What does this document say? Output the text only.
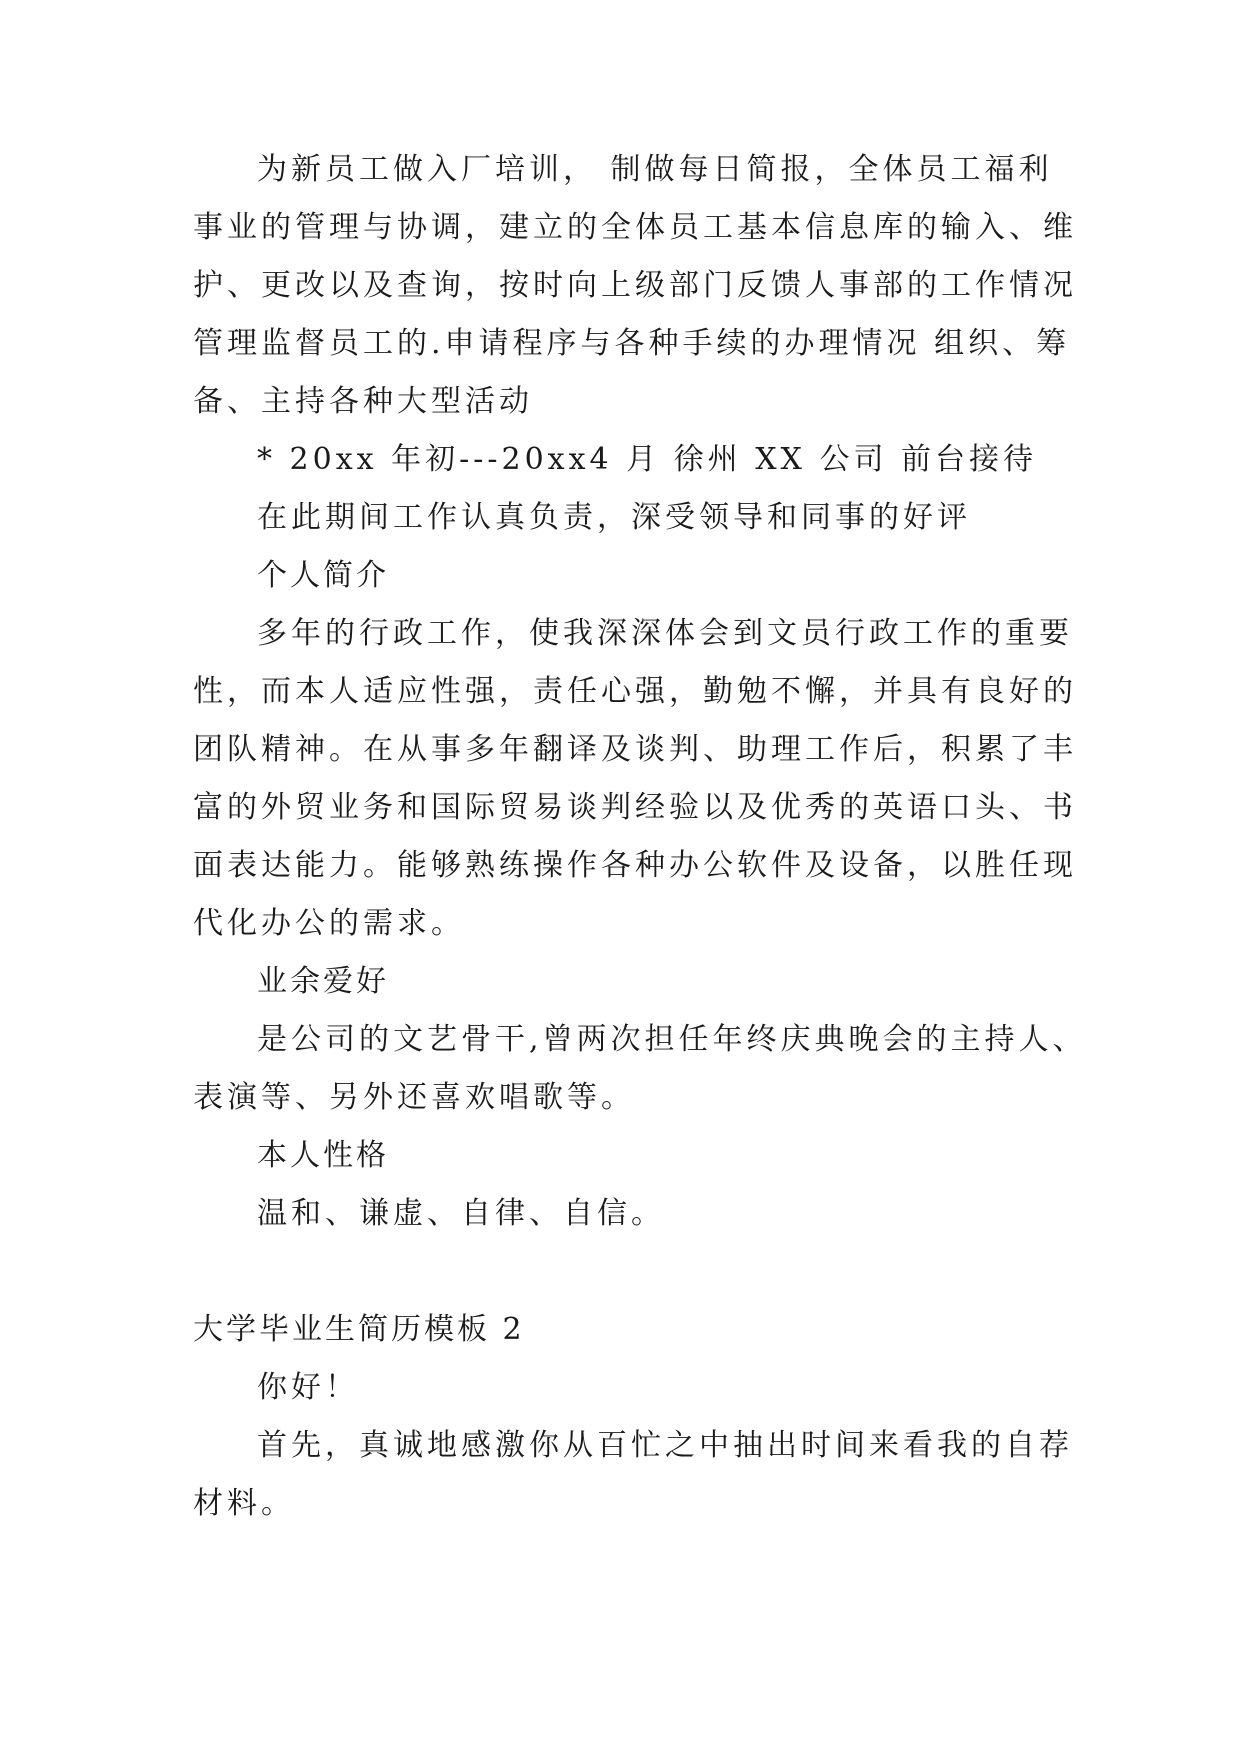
为新员工做入厂培训， 制做每日简报，全体员工福利
事业的管理与协调，建立的全体员工基本信息库的输入、维
护、更改以及查询，按时向上级部门反馈人事部的工作情况
管理监督员工的.申请程序与各种手续的办理情况 组织、筹
备、主持各种大型活动
* 20xx 年初---20xx4 月 徐州 XX 公司 前台接待
在此期间工作认真负责，深受领导和同事的好评
个人简介
多年的行政工作，使我深深体会到文员行政工作的重要
性，而本人适应性强，责任心强，勤勉不懈，并具有良好的
团队精神。在从事多年翻译及谈判、助理工作后，积累了丰
富的外贸业务和国际贸易谈判经验以及优秀的英语口头、书
面表达能力。能够熟练操作各种办公软件及设备，以胜任现
代化办公的需求。
业余爱好
是公司的文艺骨干,曾两次担任年终庆典晚会的主持人、
表演等、另外还喜欢唱歌等。
本人性格
温和、谦虚、自律、自信。
大学毕业生简历模板 2
你好！
首先，真诚地感激你从百忙之中抽出时间来看我的自荐
材料。
